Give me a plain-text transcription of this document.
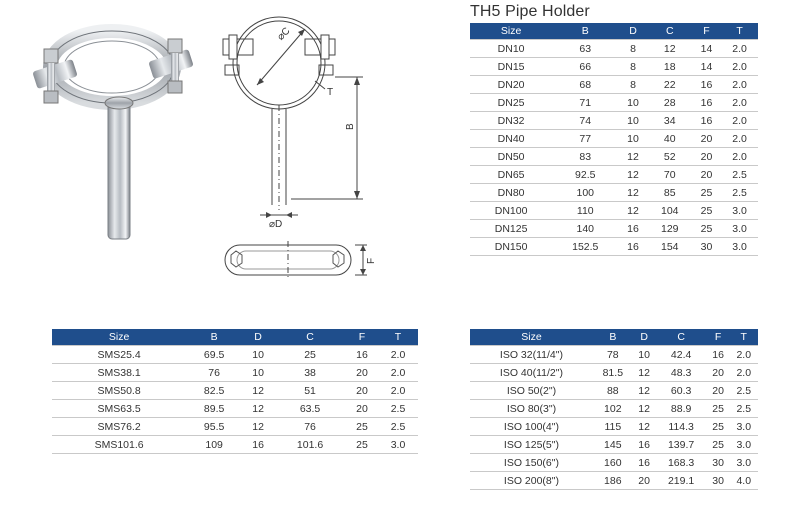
⌀C
T
B
⌀D
F
TH5 Pipe Holder
Size	B	D	C	F	T
DN10	63	8	12	14	2.0
DN15	66	8	18	14	2.0
DN20	68	8	22	16	2.0
DN25	71	10	28	16	2.0
DN32	74	10	34	16	2.0
DN40	77	10	40	20	2.0
DN50	83	12	52	20	2.0
DN65	92.5	12	70	20	2.5
DN80	100	12	85	25	2.5
DN100	110	12	104	25	3.0
DN125	140	16	129	25	3.0
DN150	152.5	16	154	30	3.0
Size	B	D	C	F	T
SMS25.4	69.5	10	25	16	2.0
SMS38.1	76	10	38	20	2.0
SMS50.8	82.5	12	51	20	2.0
SMS63.5	89.5	12	63.5	20	2.5
SMS76.2	95.5	12	76	25	2.5
SMS101.6	109	16	101.6	25	3.0
Size	B	D	C	F	T
ISO 32(11/4")	78	10	42.4	16	2.0
ISO 40(11/2")	81.5	12	48.3	20	2.0
ISO 50(2")	88	12	60.3	20	2.5
ISO 80(3")	102	12	88.9	25	2.5
ISO 100(4")	115	12	114.3	25	3.0
ISO 125(5")	145	16	139.7	25	3.0
ISO 150(6")	160	16	168.3	30	3.0
ISO 200(8")	186	20	219.1	30	4.0
